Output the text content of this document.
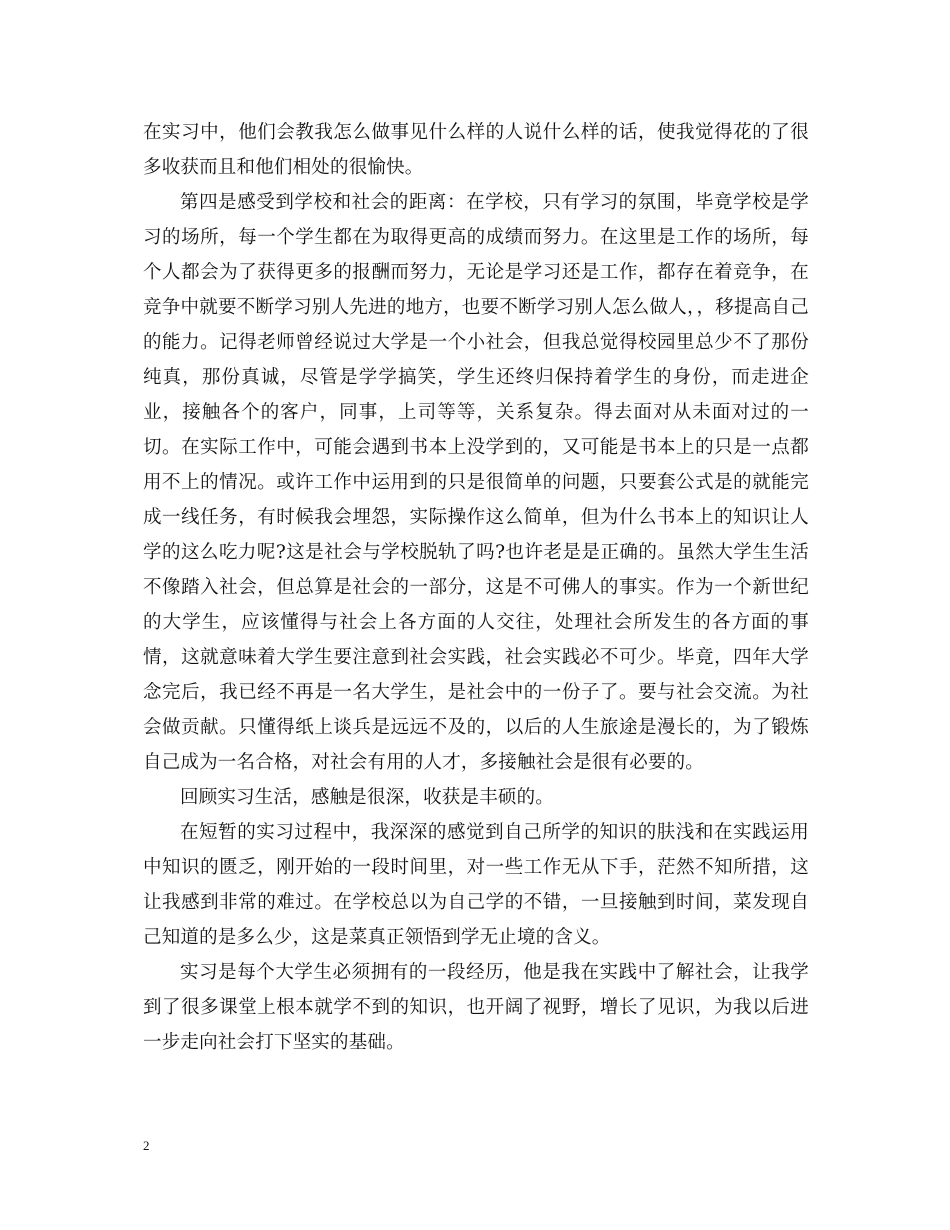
在实习中，他们会教我怎么做事见什么样的人说什么样的话，使我觉得花的了很多收获而且和他们相处的很愉快。

第四是感受到学校和社会的距离：在学校，只有学习的氛围，毕竟学校是学习的场所，每一个学生都在为取得更高的成绩而努力。在这里是工作的场所，每个人都会为了获得更多的报酬而努力，无论是学习还是工作，都存在着竞争，在竞争中就要不断学习别人先进的地方，也要不断学习别人怎么做人，，移提高自己的能力。记得老师曾经说过大学是一个小社会，但我总觉得校园里总少不了那份纯真，那份真诚，尽管是学学搞笑，学生还终归保持着学生的身份，而走进企业，接触各个的客户，同事，上司等等，关系复杂。得去面对从未面对过的一切。在实际工作中，可能会遇到书本上没学到的，又可能是书本上的只是一点都用不上的情况。或许工作中运用到的只是很简单的问题，只要套公式是的就能完成一线任务，有时候我会埋怨，实际操作这么简单，但为什么书本上的知识让人学的这么吃力呢?这是社会与学校脱轨了吗?也许老是是正确的。虽然大学生生活不像踏入社会，但总算是社会的一部分，这是不可佛人的事实。作为一个新世纪的大学生，应该懂得与社会上各方面的人交往，处理社会所发生的各方面的事情，这就意味着大学生要注意到社会实践，社会实践必不可少。毕竟，四年大学念完后，我已经不再是一名大学生，是社会中的一份子了。要与社会交流。为社会做贡献。只懂得纸上谈兵是远远不及的，以后的人生旅途是漫长的，为了锻炼自己成为一名合格，对社会有用的人才，多接触社会是很有必要的。

回顾实习生活，感触是很深，收获是丰硕的。

在短暂的实习过程中，我深深的感觉到自己所学的知识的肤浅和在实践运用中知识的匮乏，刚开始的一段时间里，对一些工作无从下手，茫然不知所措，这让我感到非常的难过。在学校总以为自己学的不错，一旦接触到时间，菜发现自己知道的是多么少，这是菜真正领悟到学无止境的含义。

实习是每个大学生必须拥有的一段经历，他是我在实践中了解社会，让我学到了很多课堂上根本就学不到的知识，也开阔了视野，增长了见识，为我以后进一步走向社会打下坚实的基础。

2
